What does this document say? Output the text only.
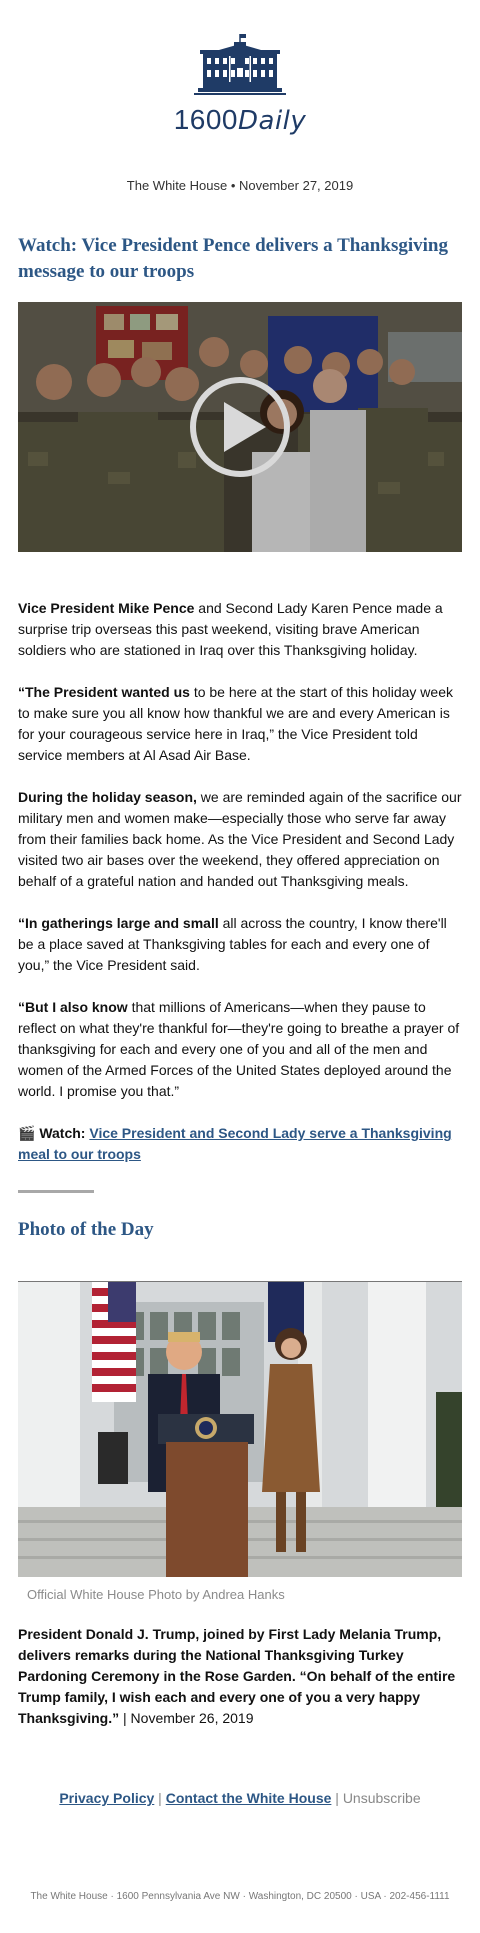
1600Daily
The White House • November 27, 2019
Watch: Vice President Pence delivers a Thanksgiving message to our troops

Vice President Mike Pence and Second Lady Karen Pence made a surprise trip overseas this past weekend, visiting brave American soldiers who are stationed in Iraq over this Thanksgiving holiday.

“The President wanted us to be here at the start of this holiday week to make sure you all know how thankful we are and every American is for your courageous service here in Iraq,” the Vice President told service members at Al Asad Air Base.

During the holiday season, we are reminded again of the sacrifice our military men and women make—especially those who serve far away from their families back home. As the Vice President and Second Lady visited two air bases over the weekend, they offered appreciation on behalf of a grateful nation and handed out Thanksgiving meals.

“In gatherings large and small all across the country, I know there'll be a place saved at Thanksgiving tables for each and every one of you,” the Vice President said.

“But I also know that millions of Americans—when they pause to reflect on what they're thankful for—they're going to breathe a prayer of thanksgiving for each and every one of you and all of the men and women of the Armed Forces of the United States deployed around the world. I promise you that.”

🎬 Watch: Vice President and Second Lady serve a Thanksgiving meal to our troops

Photo of the Day
Official White House Photo by Andrea Hanks
President Donald J. Trump, joined by First Lady Melania Trump, delivers remarks during the National Thanksgiving Turkey Pardoning Ceremony in the Rose Garden. “On behalf of the entire Trump family, I wish each and every one of you a very happy Thanksgiving.” | November 26, 2019
Privacy Policy | Contact the White House | Unsubscribe
The White House · 1600 Pennsylvania Ave NW · Washington, DC 20500 · USA · 202-456-1111
